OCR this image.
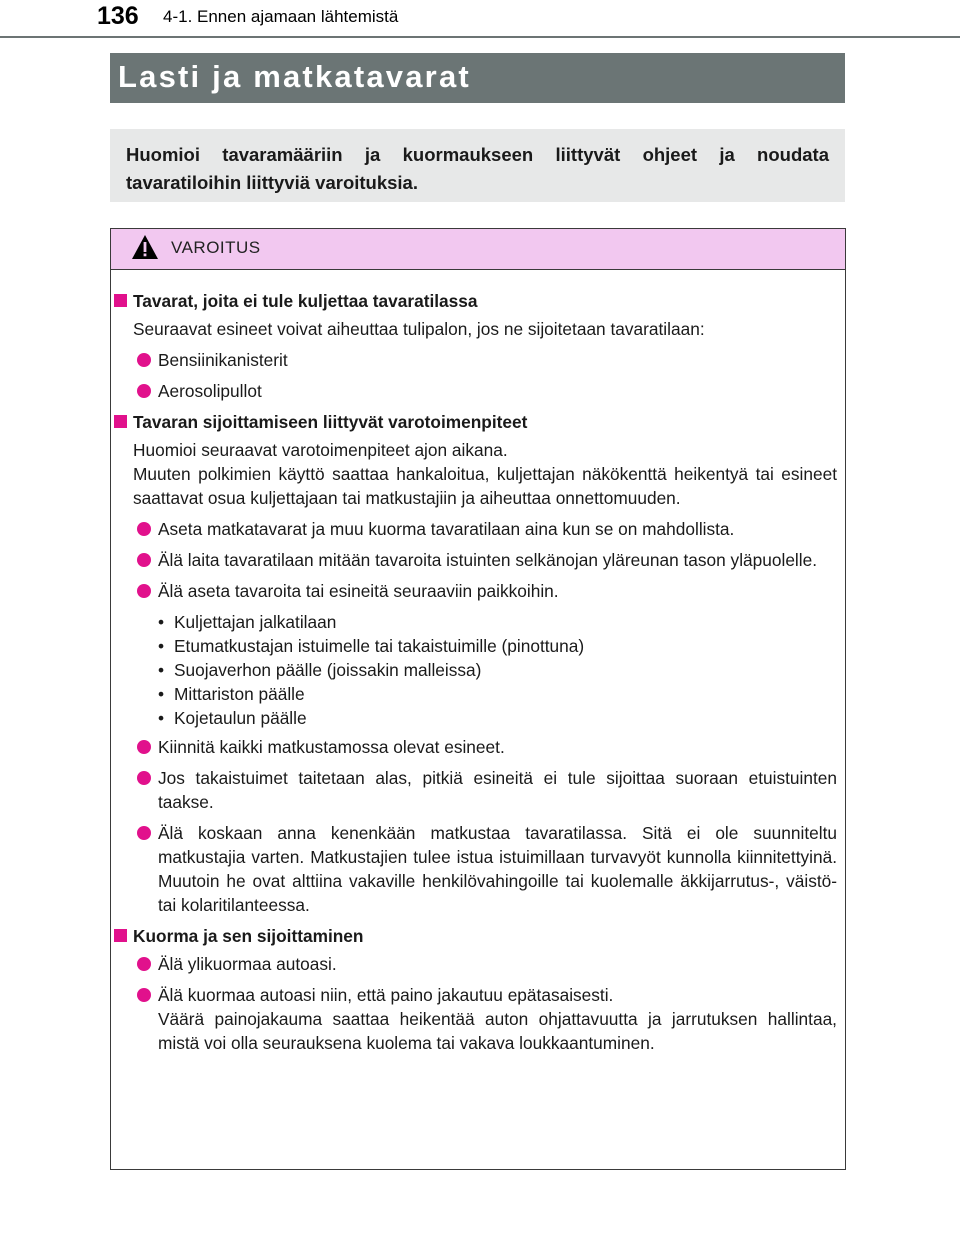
136 4-1. Ennen ajamaan lähtemistä
Lasti ja matkatavarat

Huomioi tavaramääriin ja kuormaukseen liittyvät ohjeet ja noudata tavaratiloihin liittyviä varoituksia.

VAROITUS
Tavarat, joita ei tule kuljettaa tavaratilassa
Seuraavat esineet voivat aiheuttaa tulipalon, jos ne sijoitetaan tavaratilaan:
Bensiinikanisterit
Aerosolipullot
Tavaran sijoittamiseen liittyvät varotoimenpiteet
Huomioi seuraavat varotoimenpiteet ajon aikana.
Muuten polkimien käyttö saattaa hankaloitua, kuljettajan näkökenttä heikentyä tai esineet saattavat osua kuljettajaan tai matkustajiin ja aiheuttaa onnettomuuden.
Aseta matkatavarat ja muu kuorma tavaratilaan aina kun se on mahdollista.
Älä laita tavaratilaan mitään tavaroita istuinten selkänojan yläreunan tason yläpuolelle.
Älä aseta tavaroita tai esineitä seuraaviin paikkoihin.
• Kuljettajan jalkatilaan
• Etumatkustajan istuimelle tai takaistuimille (pinottuna)
• Suojaverhon päälle (joissakin malleissa)
• Mittariston päälle
• Kojetaulun päälle
Kiinnitä kaikki matkustamossa olevat esineet.
Jos takaistuimet taitetaan alas, pitkiä esineitä ei tule sijoittaa suoraan etuistuinten taakse.
Älä koskaan anna kenenkään matkustaa tavaratilassa. Sitä ei ole suunniteltu matkustajia varten. Matkustajien tulee istua istuimillaan turvavyöt kunnolla kiinnitettyinä. Muutoin he ovat alttiina vakaville henkilövahingoille tai kuolemalle äkkijarrutus-, väistö- tai kolaritilanteessa.
Kuorma ja sen sijoittaminen
Älä ylikuormaa autoasi.
Älä kuormaa autoasi niin, että paino jakautuu epätasaisesti.
Väärä painojakauma saattaa heikentää auton ohjattavuutta ja jarrutuksen hallintaa, mistä voi olla seurauksena kuolema tai vakava loukkaantuminen.
